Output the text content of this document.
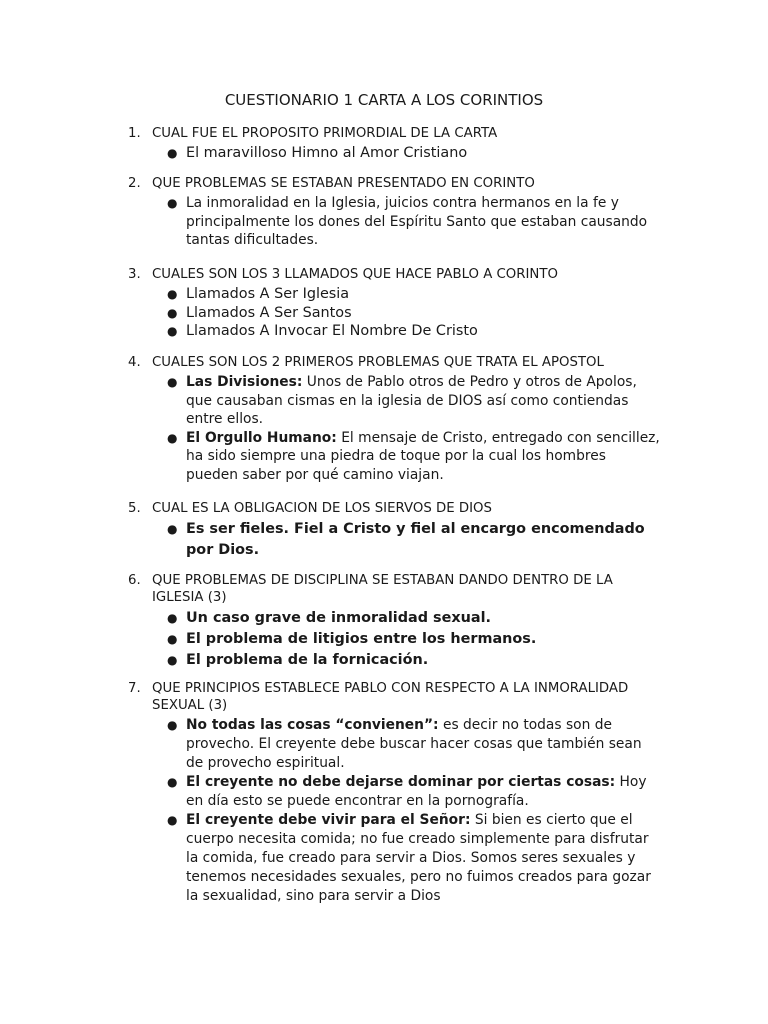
CUESTIONARIO 1 CARTA A LOS CORINTIOS
1. CUAL FUE EL PROPOSITO PRIMORDIAL DE LA CARTA
● El maravilloso Himno al Amor Cristiano
2. QUE PROBLEMAS SE ESTABAN PRESENTADO EN CORINTO
● La inmoralidad en la Iglesia, juicios contra hermanos en la fe y principalmente los dones del Espíritu Santo que estaban causando tantas dificultades.
3. CUALES SON LOS 3 LLAMADOS QUE HACE PABLO A CORINTO
● Llamados A Ser Iglesia
● Llamados A Ser Santos
● Llamados A Invocar El Nombre De Cristo
4. CUALES SON LOS 2 PRIMEROS PROBLEMAS QUE TRATA EL APOSTOL
● Las Divisiones: Unos de Pablo otros de Pedro y otros de Apolos, que causaban cismas en la iglesia de DIOS así como contiendas entre ellos.
● El Orgullo Humano: El mensaje de Cristo, entregado con sencillez, ha sido siempre una piedra de toque por la cual los hombres pueden saber por qué camino viajan.
5. CUAL ES LA OBLIGACION DE LOS SIERVOS DE DIOS
● Es ser fieles. Fiel a Cristo y fiel al encargo encomendado por Dios.
6. QUE PROBLEMAS DE DISCIPLINA SE ESTABAN DANDO DENTRO DE LA IGLESIA (3)
● Un caso grave de inmoralidad sexual.
● El problema de litigios entre los hermanos.
● El problema de la fornicación.
7. QUE PRINCIPIOS ESTABLECE PABLO CON RESPECTO A LA INMORALIDAD SEXUAL (3)
● No todas las cosas “convienen”: es decir no todas son de provecho. El creyente debe buscar hacer cosas que también sean de provecho espiritual.
● El creyente no debe dejarse dominar por ciertas cosas: Hoy en día esto se puede encontrar en la pornografía.
● El creyente debe vivir para el Señor: Si bien es cierto que el cuerpo necesita comida; no fue creado simplemente para disfrutar la comida, fue creado para servir a Dios. Somos seres sexuales y tenemos necesidades sexuales, pero no fuimos creados para gozar la sexualidad, sino para servir a Dios
